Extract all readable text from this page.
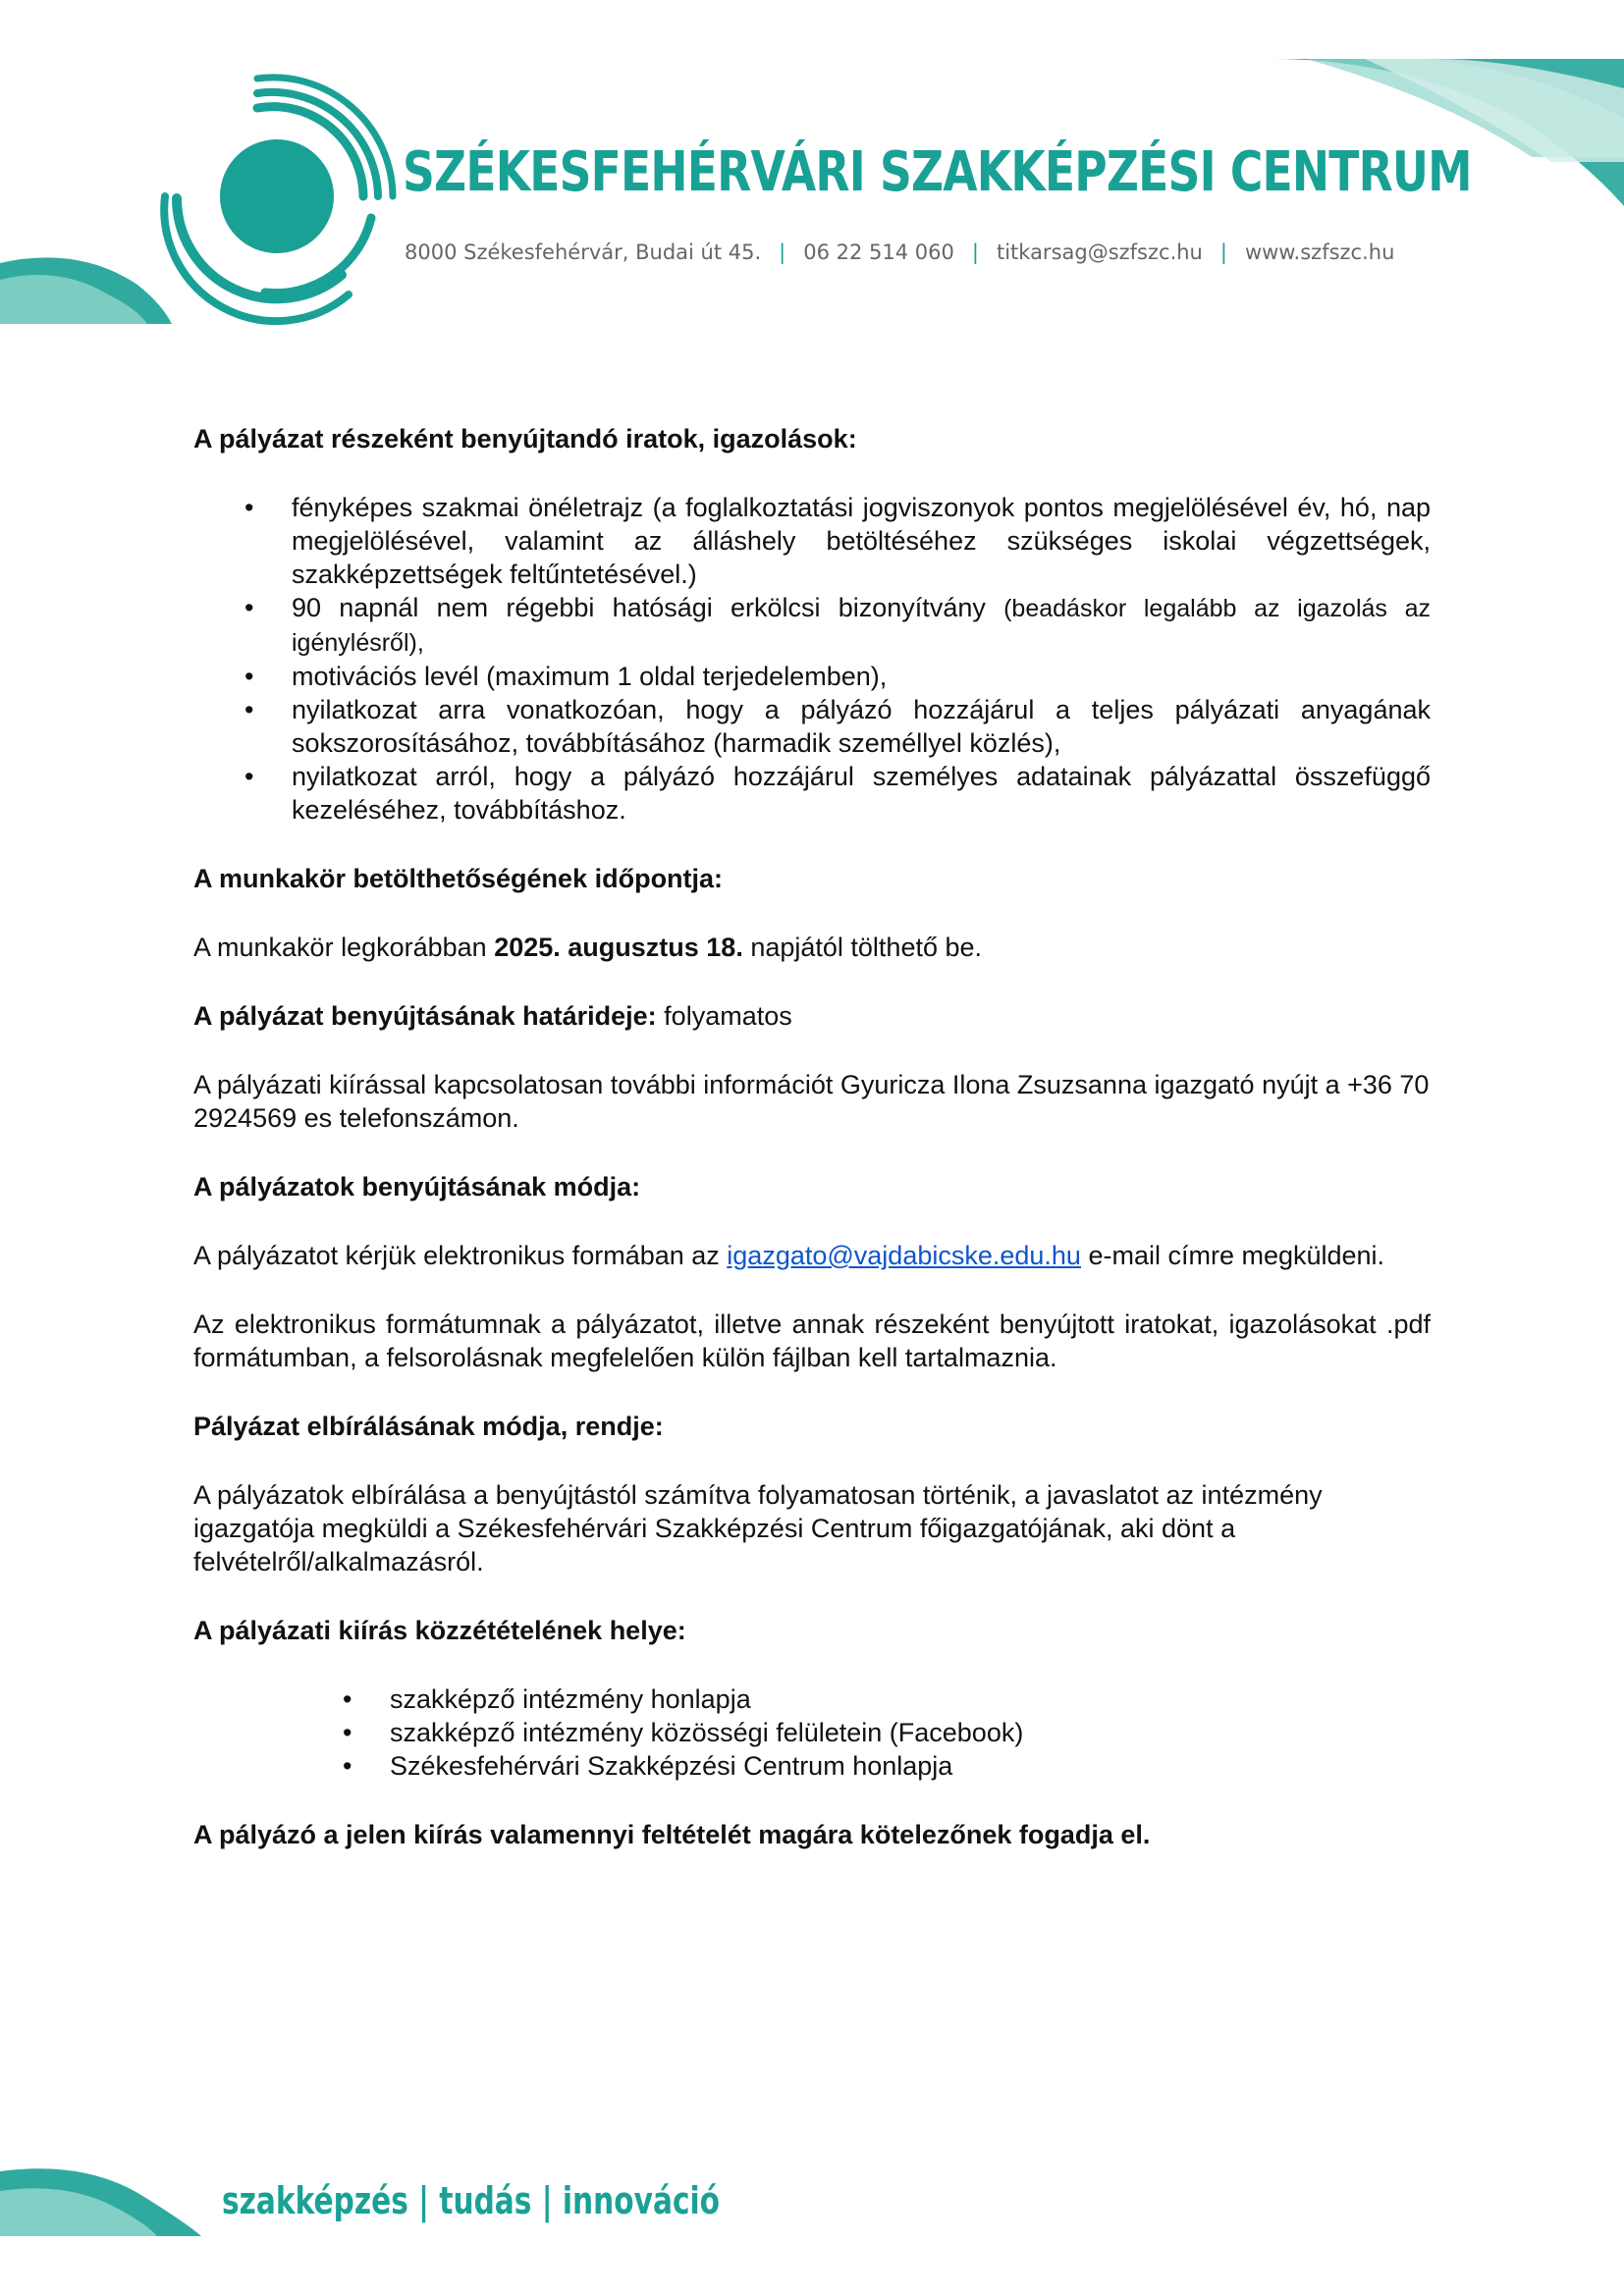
SZÉKESFEHÉRVÁRI SZAKKÉPZÉSI CENTRUM
8000 Székesfehérvár, Budai út 45. | 06 22 514 060 | titkarsag@szfszc.hu | www.szfszc.hu

A pályázat részeként benyújtandó iratok, igazolások:

• fényképes szakmai önéletrajz (a foglalkoztatási jogviszonyok pontos megjelölésével év, hó, nap megjelölésével, valamint az álláshely betöltéséhez szükséges iskolai végzettségek, szakképzettségek feltűntetésével.)
• 90 napnál nem régebbi hatósági erkölcsi bizonyítvány (beadáskor legalább az igazolás az igénylésről),
• motivációs levél (maximum 1 oldal terjedelemben),
• nyilatkozat arra vonatkozóan, hogy a pályázó hozzájárul a teljes pályázati anyagának sokszorosításához, továbbításához (harmadik személlyel közlés),
• nyilatkozat arról, hogy a pályázó hozzájárul személyes adatainak pályázattal összefüggő kezeléséhez, továbbításhoz.

A munkakör betölthetőségének időpontja:

A munkakör legkorábban 2025. augusztus 18. napjától tölthető be.

A pályázat benyújtásának határideje: folyamatos

A pályázati kiírással kapcsolatosan további információt Gyuricza Ilona Zsuzsanna igazgató nyújt a +36 70 2924569 es telefonszámon.

A pályázatok benyújtásának módja:

A pályázatot kérjük elektronikus formában az igazgato@vajdabicske.edu.hu e-mail címre megküldeni.

Az elektronikus formátumnak a pályázatot, illetve annak részeként benyújtott iratokat, igazolásokat .pdf formátumban, a felsorolásnak megfelelően külön fájlban kell tartalmaznia.

Pályázat elbírálásának módja, rendje:

A pályázatok elbírálása a benyújtástól számítva folyamatosan történik, a javaslatot az intézmény igazgatója megküldi a Székesfehérvári Szakképzési Centrum főigazgatójának, aki dönt a felvételről/alkalmazásról.

A pályázati kiírás közzétételének helye:

• szakképző intézmény honlapja
• szakképző intézmény közösségi felületein (Facebook)
• Székesfehérvári Szakképzési Centrum honlapja

A pályázó a jelen kiírás valamennyi feltételét magára kötelezőnek fogadja el.

szakképzés | tudás | innováció
